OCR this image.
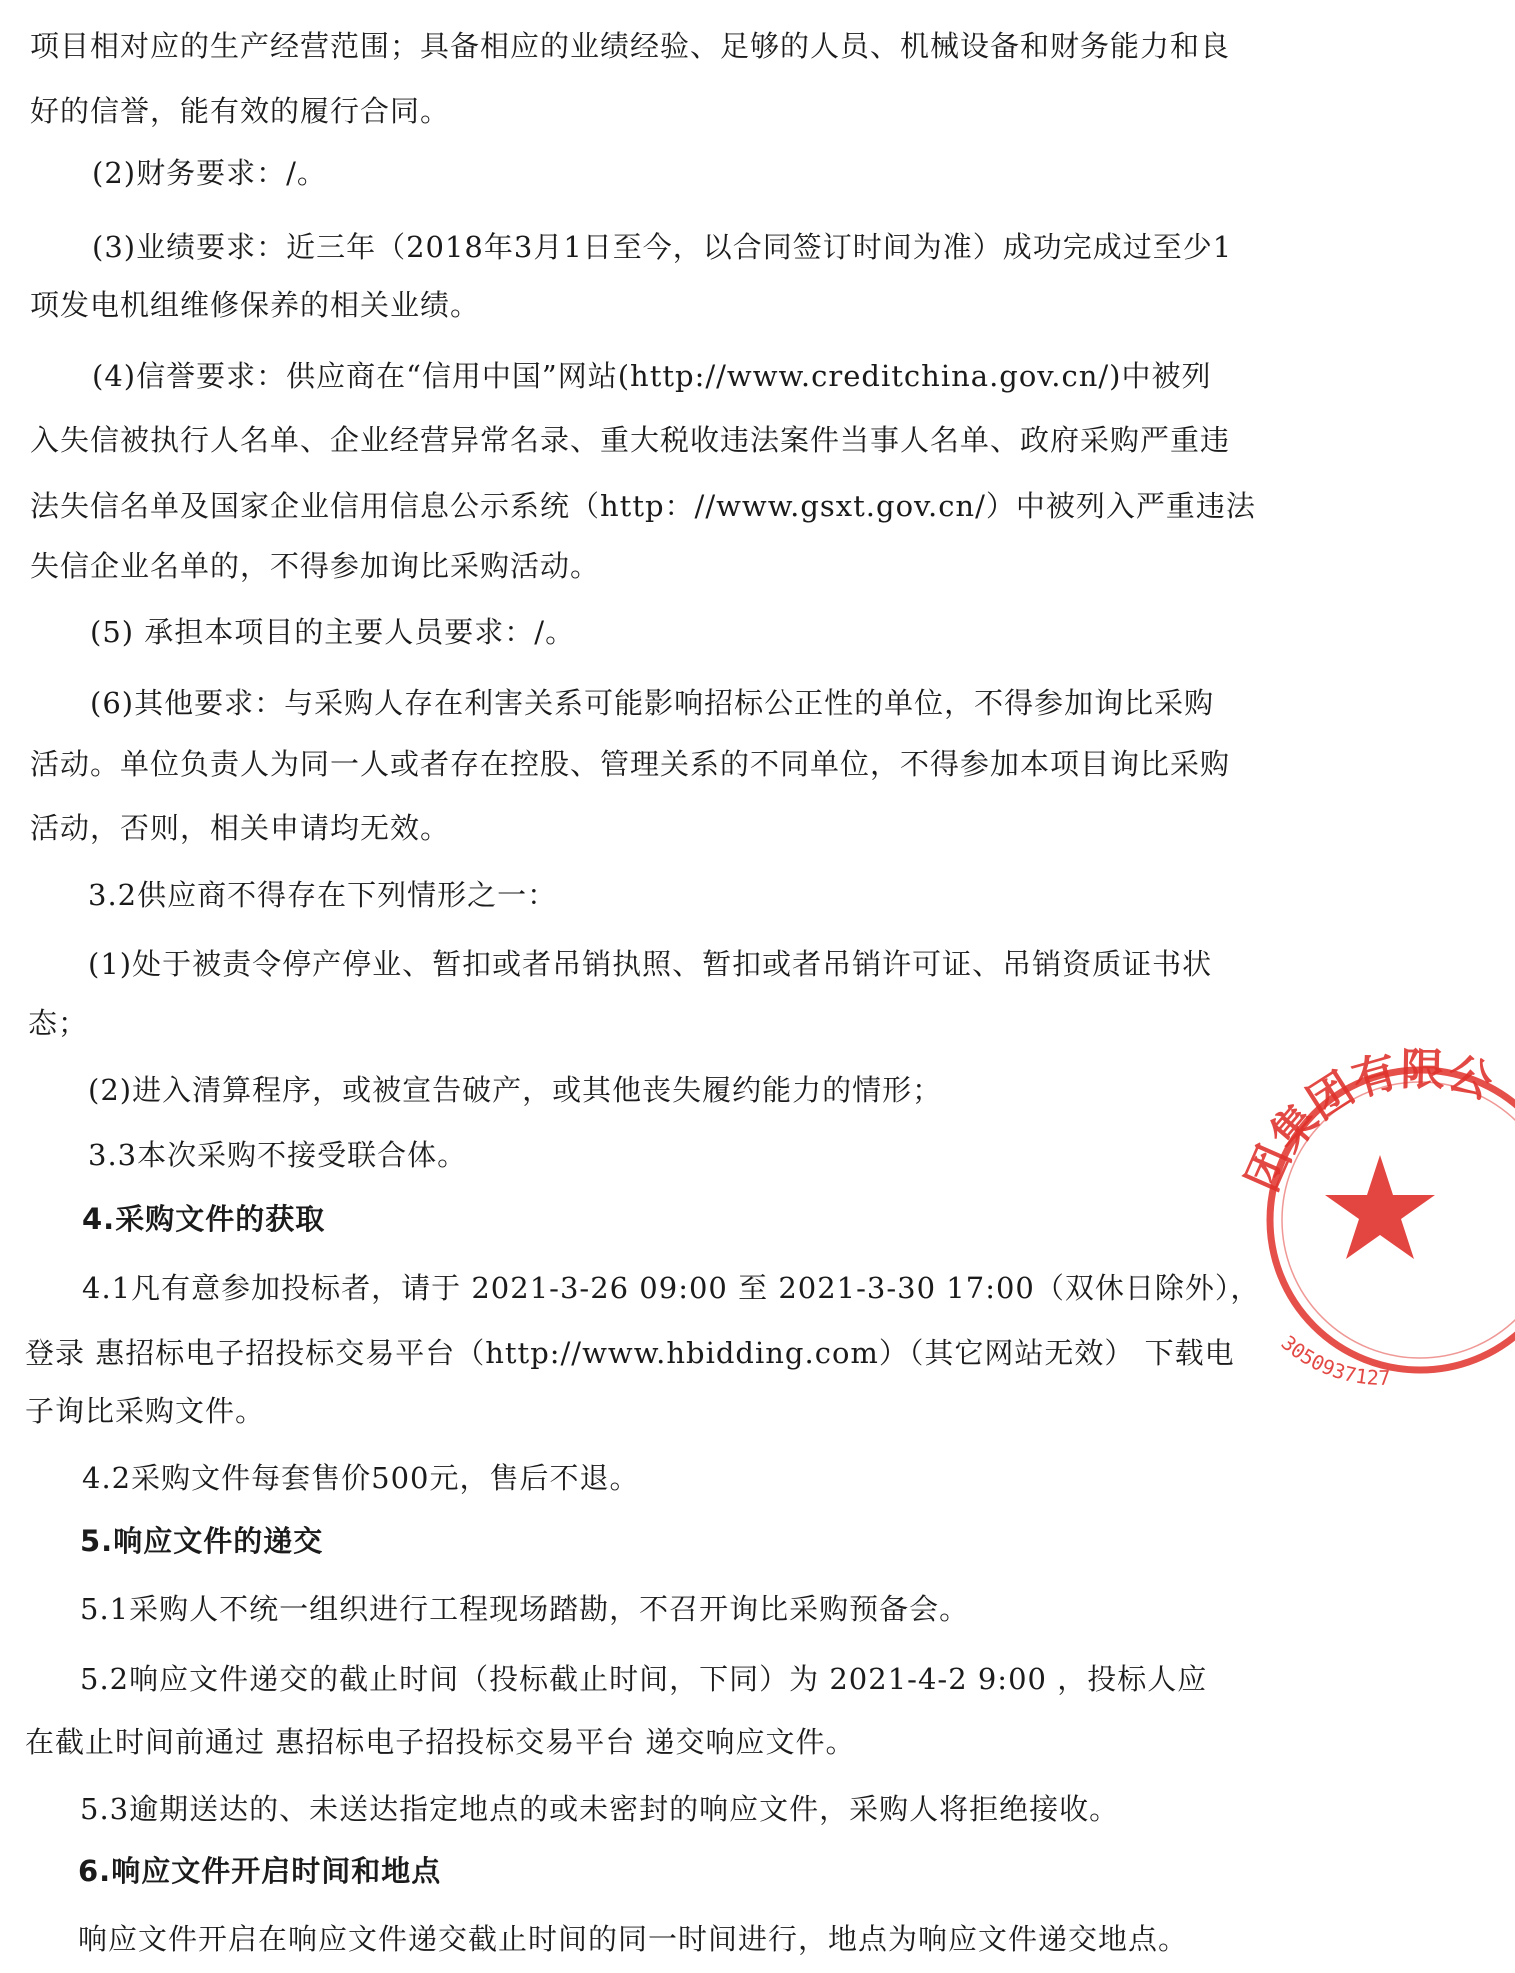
项目相对应的生产经营范围；具备相应的业绩经验、足够的人员、机械设备和财务能力和良
好的信誉，能有效的履行合同。
(2)财务要求：/。
(3)业绩要求：近三年（2018年3月1日至今，以合同签订时间为准）成功完成过至少1
项发电机组维修保养的相关业绩。
(4)信誉要求：供应商在“信用中国”网站(http://www.creditchina.gov.cn/)中被列
入失信被执行人名单、企业经营异常名录、重大税收违法案件当事人名单、政府采购严重违
法失信名单及国家企业信用信息公示系统（http：//www.gsxt.gov.cn/）中被列入严重违法
失信企业名单的，不得参加询比采购活动。
(5) 承担本项目的主要人员要求：/。
(6)其他要求：与采购人存在利害关系可能影响招标公正性的单位，不得参加询比采购
活动。单位负责人为同一人或者存在控股、管理关系的不同单位，不得参加本项目询比采购
活动，否则，相关申请均无效。
3.2供应商不得存在下列情形之一：
(1)处于被责令停产停业、暂扣或者吊销执照、暂扣或者吊销许可证、吊销资质证书状
态；
(2)进入清算程序，或被宣告破产，或其他丧失履约能力的情形；
3.3本次采购不接受联合体。
4.采购文件的获取
4.1凡有意参加投标者，请于 2021-3-26 09:00 至 2021-3-30 17:00（双休日除外），
登录 惠招标电子招投标交易平台（http://www.hbidding.com）（其它网站无效） 下载电
子询比采购文件。
4.2采购文件每套售价500元，售后不退。
5.响应文件的递交
5.1采购人不统一组织进行工程现场踏勘，不召开询比采购预备会。
5.2响应文件递交的截止时间（投标截止时间，下同）为 2021-4-2 9:00 ，投标人应
在截止时间前通过 惠招标电子招投标交易平台 递交响应文件。
5.3逾期送达的、未送达指定地点的或未密封的响应文件，采购人将拒绝接收。
6.响应文件开启时间和地点
响应文件开启在响应文件递交截止时间的同一时间进行，地点为响应文件递交地点。
团集团有限公
3050937127
